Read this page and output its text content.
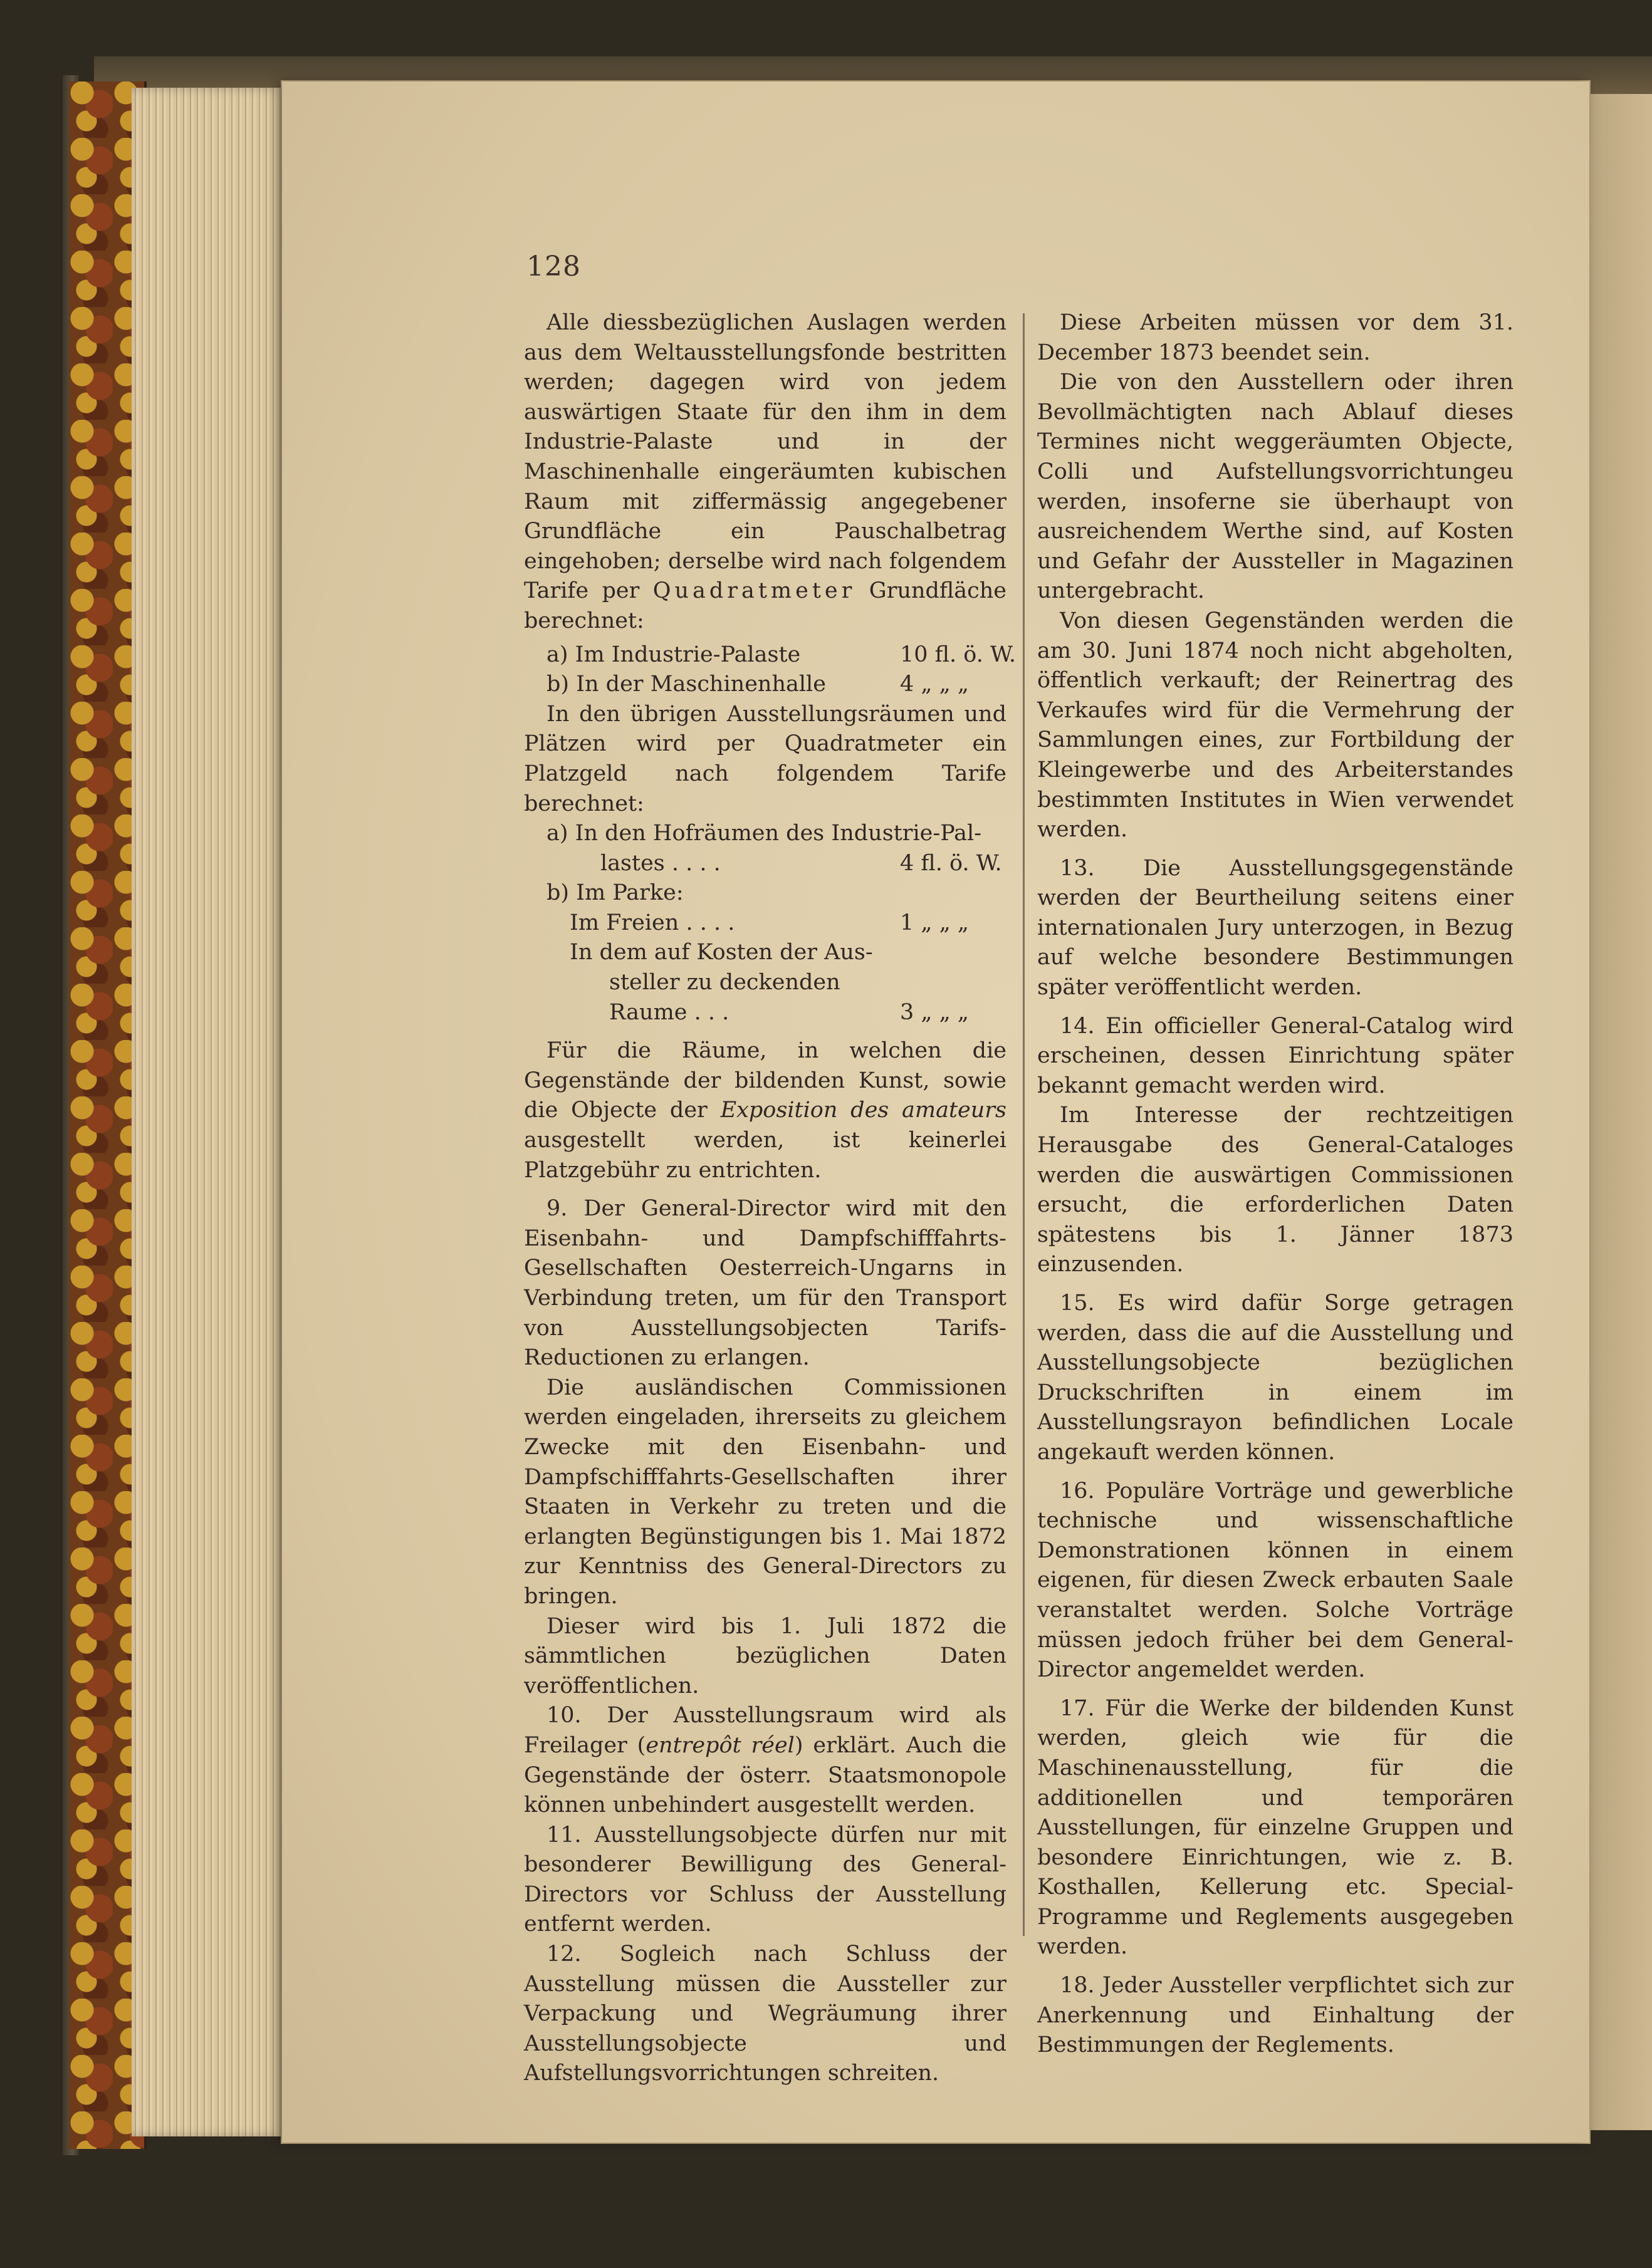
128

Alle diessbezüglichen Auslagen werden aus dem Weltausstellungsfonde bestritten werden; dagegen wird von jedem auswärtigen Staate für den ihm in dem Industrie-Palaste und in der Maschinenhalle eingeräumten kubischen Raum mit ziffermässig angegebener Grundfläche ein Pauschalbetrag eingehoben; derselbe wird nach folgendem Tarife per Quadratmeter Grundfläche berechnet:

a) Im Industrie-Palaste	10 fl. ö. W.
b) In der Maschinenhalle	4 „ „ „

In den übrigen Ausstellungsräumen und Plätzen wird per Quadratmeter ein Platzgeld nach folgendem Tarife berechnet:

a) In den Hofräumen des Industrie-Pal-
lastes . . . .	4 fl. ö. W.
b) Im Parke:
Im Freien . . . .	1 „ „ „
In dem auf Kosten der Aus-
steller zu deckenden
Raume . . .	3 „ „ „

Für die Räume, in welchen die Gegenstände der bildenden Kunst, sowie die Objecte der Exposition des amateurs ausgestellt werden, ist keinerlei Platzgebühr zu entrichten.

9. Der General-Director wird mit den Eisenbahn- und Dampfschifffahrts-Gesellschaften Oesterreich-Ungarns in Verbindung treten, um für den Transport von Ausstellungsobjecten Tarifs-Reductionen zu erlangen.

Die ausländischen Commissionen werden eingeladen, ihrerseits zu gleichem Zwecke mit den Eisenbahn- und Dampfschifffahrts-Gesellschaften ihrer Staaten in Verkehr zu treten und die erlangten Begünstigungen bis 1. Mai 1872 zur Kenntniss des General-Directors zu bringen.

Dieser wird bis 1. Juli 1872 die sämmtlichen bezüglichen Daten veröffentlichen.

10. Der Ausstellungsraum wird als Freilager (entrepôt réel) erklärt. Auch die Gegenstände der österr. Staatsmonopole können unbehindert ausgestellt werden.

11. Ausstellungsobjecte dürfen nur mit besonderer Bewilligung des General-Directors vor Schluss der Ausstellung entfernt werden.

12. Sogleich nach Schluss der Ausstellung müssen die Aussteller zur Verpackung und Wegräumung ihrer Ausstellungsobjecte und Aufstellungsvorrichtungen schreiten.

Diese Arbeiten müssen vor dem 31. December 1873 beendet sein.

Die von den Ausstellern oder ihren Bevollmächtigten nach Ablauf dieses Termines nicht weggeräumten Objecte, Colli und Aufstellungsvorrichtungeu werden, insoferne sie überhaupt von ausreichendem Werthe sind, auf Kosten und Gefahr der Aussteller in Magazinen untergebracht.

Von diesen Gegenständen werden die am 30. Juni 1874 noch nicht abgeholten, öffentlich verkauft; der Reinertrag des Verkaufes wird für die Vermehrung der Sammlungen eines, zur Fortbildung der Kleingewerbe und des Arbeiterstandes bestimmten Institutes in Wien verwendet werden.

13. Die Ausstellungsgegenstände werden der Beurtheilung seitens einer internationalen Jury unterzogen, in Bezug auf welche besondere Bestimmungen später veröffentlicht werden.

14. Ein officieller General-Catalog wird erscheinen, dessen Einrichtung später bekannt gemacht werden wird.

Im Interesse der rechtzeitigen Herausgabe des General-Cataloges werden die auswärtigen Commissionen ersucht, die erforderlichen Daten spätestens bis 1. Jänner 1873 einzusenden.

15. Es wird dafür Sorge getragen werden, dass die auf die Ausstellung und Ausstellungsobjecte bezüglichen Druckschriften in einem im Ausstellungsrayon befindlichen Locale angekauft werden können.

16. Populäre Vorträge und gewerbliche technische und wissenschaftliche Demonstrationen können in einem eigenen, für diesen Zweck erbauten Saale veranstaltet werden. Solche Vorträge müssen jedoch früher bei dem General-Director angemeldet werden.

17. Für die Werke der bildenden Kunst werden, gleich wie für die Maschinenausstellung, für die additionellen und temporären Ausstellungen, für einzelne Gruppen und besondere Einrichtungen, wie z. B. Kosthallen, Kellerung etc. Special-Programme und Reglements ausgegeben werden.

18. Jeder Aussteller verpflichtet sich zur Anerkennung und Einhaltung der Bestimmungen der Reglements.
